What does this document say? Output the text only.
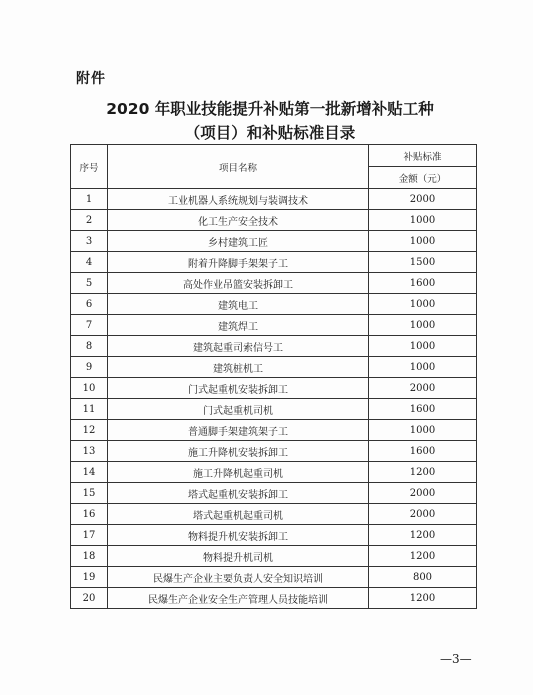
附件
2020 年职业技能提升补贴第一批新增补贴工种
（项目）和补贴标准目录
序号	项目名称	补贴标准
		金额（元）
1	工业机器人系统规划与装调技术	2000
2	化工生产安全技术	1000
3	乡村建筑工匠	1000
4	附着升降脚手架架子工	1500
5	高处作业吊篮安装拆卸工	1600
6	建筑电工	1000
7	建筑焊工	1000
8	建筑起重司索信号工	1000
9	建筑桩机工	1000
10	门式起重机安装拆卸工	2000
11	门式起重机司机	1600
12	普通脚手架建筑架子工	1000
13	施工升降机安装拆卸工	1600
14	施工升降机起重司机	1200
15	塔式起重机安装拆卸工	2000
16	塔式起重机起重司机	2000
17	物料提升机安装拆卸工	1200
18	物料提升机司机	1200
19	民爆生产企业主要负责人安全知识培训	800
20	民爆生产企业安全生产管理人员技能培训	1200
—3—
